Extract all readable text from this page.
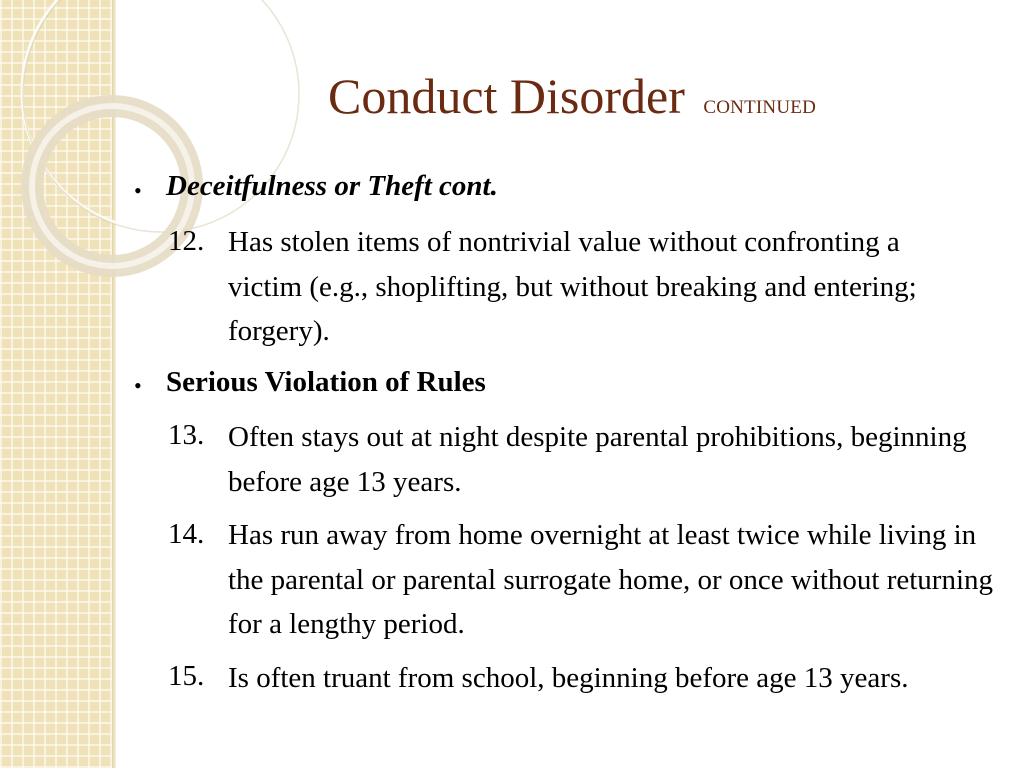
Conduct Disorder CONTINUED
• Deceitfulness or Theft cont.
12. Has stolen items of nontrivial value without confronting a victim (e.g., shoplifting, but without breaking and entering; forgery).
• Serious Violation of Rules
13. Often stays out at night despite parental prohibitions, beginning before age 13 years.
14. Has run away from home overnight at least twice while living in the parental or parental surrogate home, or once without returning for a lengthy period.
15. Is often truant from school, beginning before age 13 years.
